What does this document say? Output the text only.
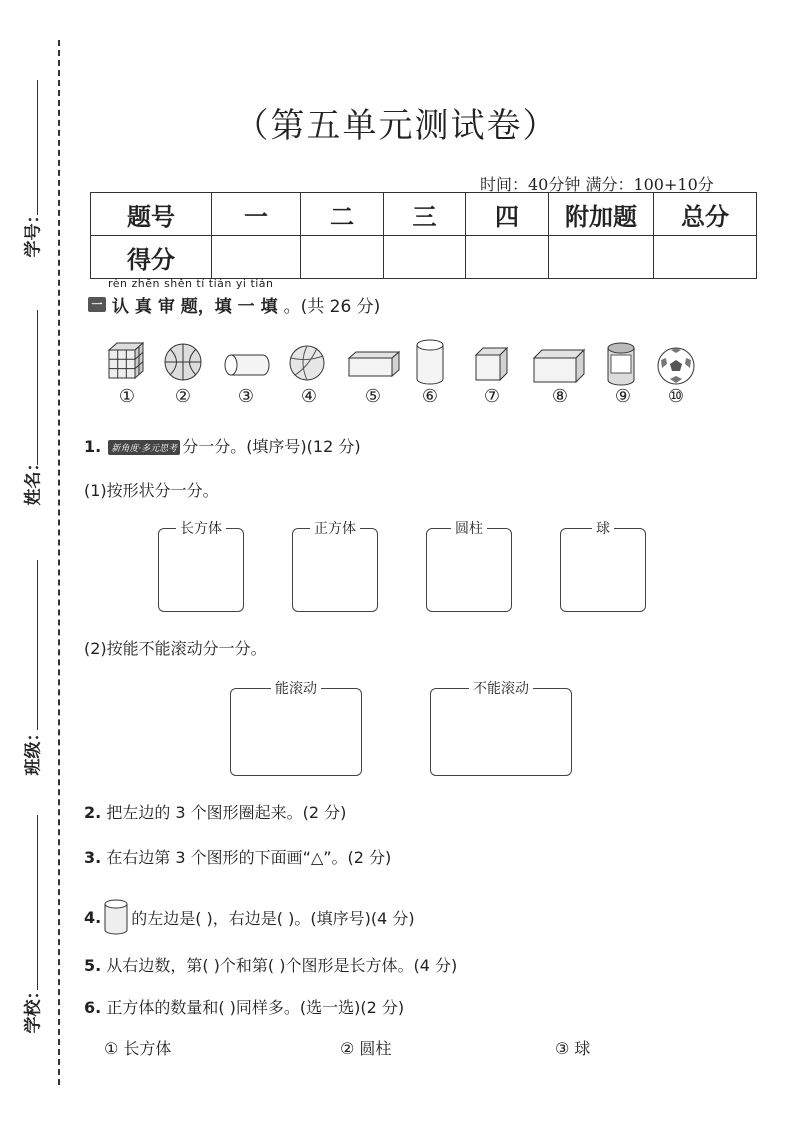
学号：
姓名：
班级：
学校：
（第五单元测试卷）
时间：40分钟 满分：100+10分
题号	一	二	三	四	附加题	总分
得分						
rèn zhēn shěn tí tián yi tián
一 认 真 审 题，填 一 填 。(共 26 分)
① ②	③	④	⑤ ⑥	⑦	⑧	⑨ ⑩
1. 新角度·多元思考 分一分。(填序号)(12 分)
(1)按形状分一分。
长方体	正方体	圆柱	球
(2)按能不能滚动分一分。
能滚动	不能滚动
2. 把左边的 3 个图形圈起来。(2 分)
3. 在右边第 3 个图形的下面画“△”。(2 分)
4. 的左边是( )，右边是( )。(填序号)(4 分)
5. 从右边数，第( )个和第( )个图形是长方体。(4 分)
6. 正方体的数量和( )同样多。(选一选)(2 分)
① 长方体	② 圆柱	③ 球
